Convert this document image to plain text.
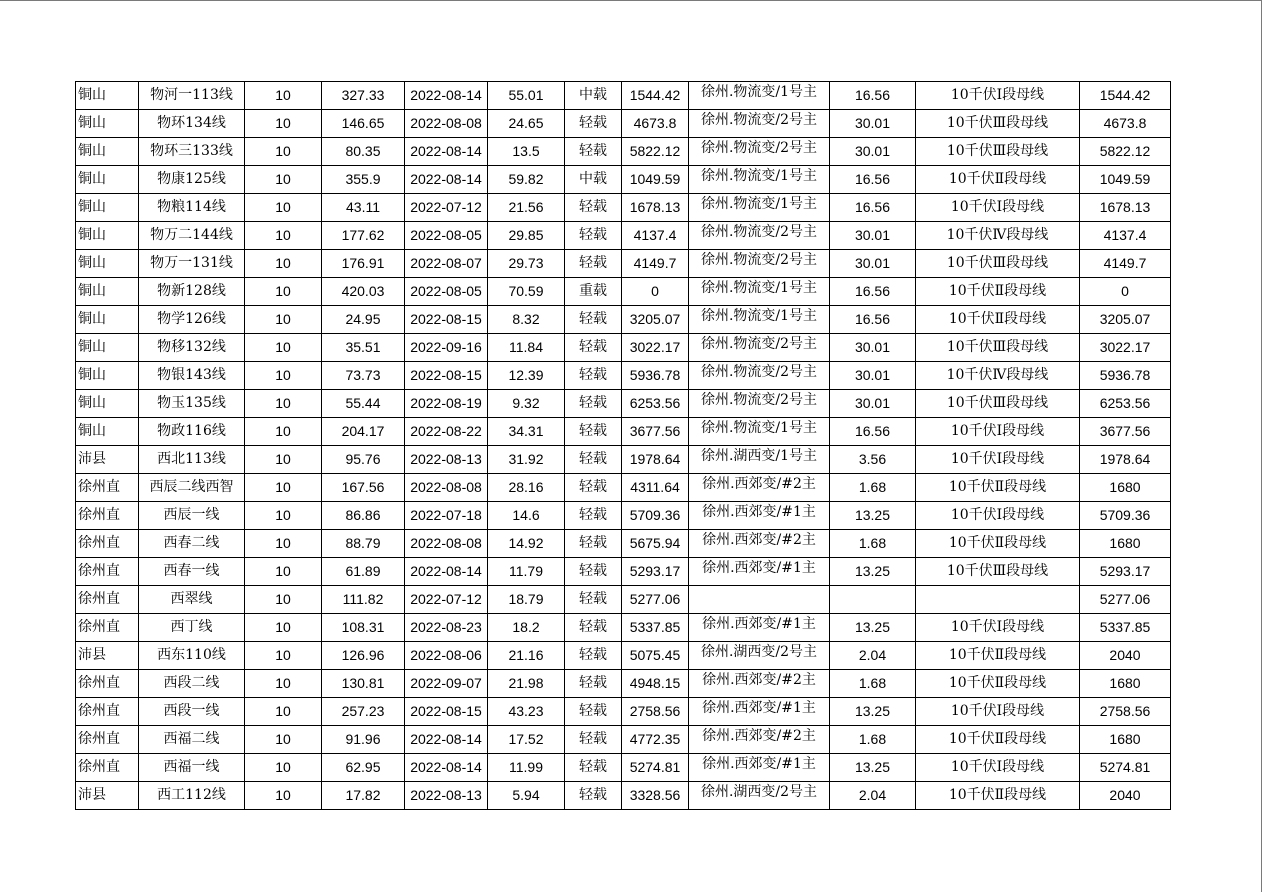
铜山	物河一113线	10	327.33	2022-08-14	55.01	中载	1544.42	徐州.物流变/1号主	16.56	10千伏Ⅰ段母线	1544.42
铜山	物环134线	10	146.65	2022-08-08	24.65	轻载	4673.8	徐州.物流变/2号主	30.01	10千伏Ⅲ段母线	4673.8
铜山	物环三133线	10	80.35	2022-08-14	13.5	轻载	5822.12	徐州.物流变/2号主	30.01	10千伏Ⅲ段母线	5822.12
铜山	物康125线	10	355.9	2022-08-14	59.82	中载	1049.59	徐州.物流变/1号主	16.56	10千伏Ⅱ段母线	1049.59
铜山	物粮114线	10	43.11	2022-07-12	21.56	轻载	1678.13	徐州.物流变/1号主	16.56	10千伏Ⅰ段母线	1678.13
铜山	物万二144线	10	177.62	2022-08-05	29.85	轻载	4137.4	徐州.物流变/2号主	30.01	10千伏Ⅳ段母线	4137.4
铜山	物万一131线	10	176.91	2022-08-07	29.73	轻载	4149.7	徐州.物流变/2号主	30.01	10千伏Ⅲ段母线	4149.7
铜山	物新128线	10	420.03	2022-08-05	70.59	重载	0	徐州.物流变/1号主	16.56	10千伏Ⅱ段母线	0
铜山	物学126线	10	24.95	2022-08-15	8.32	轻载	3205.07	徐州.物流变/1号主	16.56	10千伏Ⅱ段母线	3205.07
铜山	物移132线	10	35.51	2022-09-16	11.84	轻载	3022.17	徐州.物流变/2号主	30.01	10千伏Ⅲ段母线	3022.17
铜山	物银143线	10	73.73	2022-08-15	12.39	轻载	5936.78	徐州.物流变/2号主	30.01	10千伏Ⅳ段母线	5936.78
铜山	物玉135线	10	55.44	2022-08-19	9.32	轻载	6253.56	徐州.物流变/2号主	30.01	10千伏Ⅲ段母线	6253.56
铜山	物政116线	10	204.17	2022-08-22	34.31	轻载	3677.56	徐州.物流变/1号主	16.56	10千伏Ⅰ段母线	3677.56
沛县	西北113线	10	95.76	2022-08-13	31.92	轻载	1978.64	徐州.湖西变/1号主	3.56	10千伏Ⅰ段母线	1978.64
徐州直	西辰二线西智	10	167.56	2022-08-08	28.16	轻载	4311.64	徐州.西郊变/#2主	1.68	10千伏Ⅱ段母线	1680
徐州直	西辰一线	10	86.86	2022-07-18	14.6	轻载	5709.36	徐州.西郊变/#1主	13.25	10千伏Ⅰ段母线	5709.36
徐州直	西春二线	10	88.79	2022-08-08	14.92	轻载	5675.94	徐州.西郊变/#2主	1.68	10千伏Ⅱ段母线	1680
徐州直	西春一线	10	61.89	2022-08-14	11.79	轻载	5293.17	徐州.西郊变/#1主	13.25	10千伏Ⅲ段母线	5293.17
徐州直	西翠线	10	111.82	2022-07-12	18.79	轻载	5277.06				5277.06
徐州直	西丁线	10	108.31	2022-08-23	18.2	轻载	5337.85	徐州.西郊变/#1主	13.25	10千伏Ⅰ段母线	5337.85
沛县	西东110线	10	126.96	2022-08-06	21.16	轻载	5075.45	徐州.湖西变/2号主	2.04	10千伏Ⅱ段母线	2040
徐州直	西段二线	10	130.81	2022-09-07	21.98	轻载	4948.15	徐州.西郊变/#2主	1.68	10千伏Ⅱ段母线	1680
徐州直	西段一线	10	257.23	2022-08-15	43.23	轻载	2758.56	徐州.西郊变/#1主	13.25	10千伏Ⅰ段母线	2758.56
徐州直	西福二线	10	91.96	2022-08-14	17.52	轻载	4772.35	徐州.西郊变/#2主	1.68	10千伏Ⅱ段母线	1680
徐州直	西福一线	10	62.95	2022-08-14	11.99	轻载	5274.81	徐州.西郊变/#1主	13.25	10千伏Ⅰ段母线	5274.81
沛县	西工112线	10	17.82	2022-08-13	5.94	轻载	3328.56	徐州.湖西变/2号主	2.04	10千伏Ⅱ段母线	2040
